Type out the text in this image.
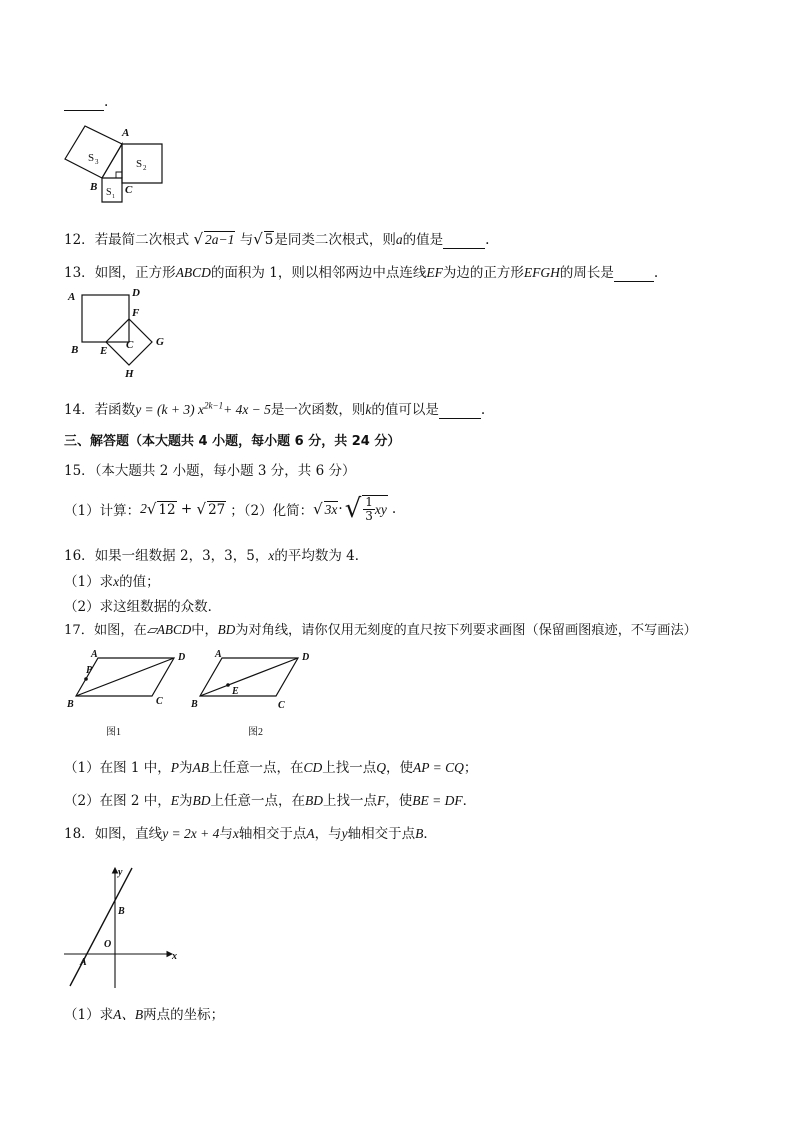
.
A
B	C
S 3	S 2
S 1
12．若最简二次根式 √ 2a−1 与√ 5是同类二次根式，则a的值是	.
13．如图，正方形ABCD的面积为 1，则以相邻两边中点连线EF为边的正方形EFGH的周长是	.
A	D
F
G
C
B E
H
14．若函数y = (k + 3) $x^{2k-1}+ 4x - 5$是一次函数，则k的值可以是	.
三、解答题（本大题共 4 小题，每小题 6 分，共 24 分）
15．（本大题共 2 小题，每小题 3 分，共 6 分）
（1）计算： 2 √ 12 + √ 27 ；（2）化简： √ 3x · √ $\frac{1}{3}$ xy .
16．如果一组数据 2，3，3，5，x的平均数为 4．
（1）求x的值；
（2）求这组数据的众数．
17．如图，在▱ABCD中，BD为对角线，请你仅用无刻度的直尺按下列要求画图（保留画图痕迹，不写画法）
A	D
P
B	C
A	D
E
B	C
图1	图2
（1）在图 1 中，P为AB上任意一点，在CD上找一点Q，使AP = CQ；
（2）在图 2 中，E为BD上任意一点，在BD上找一点F，使BE = DF．
18．如图，直线y = 2x + 4与x轴相交于点A，与y轴相交于点B．
y
x
O
A
B
（1）求A、B两点的坐标；
